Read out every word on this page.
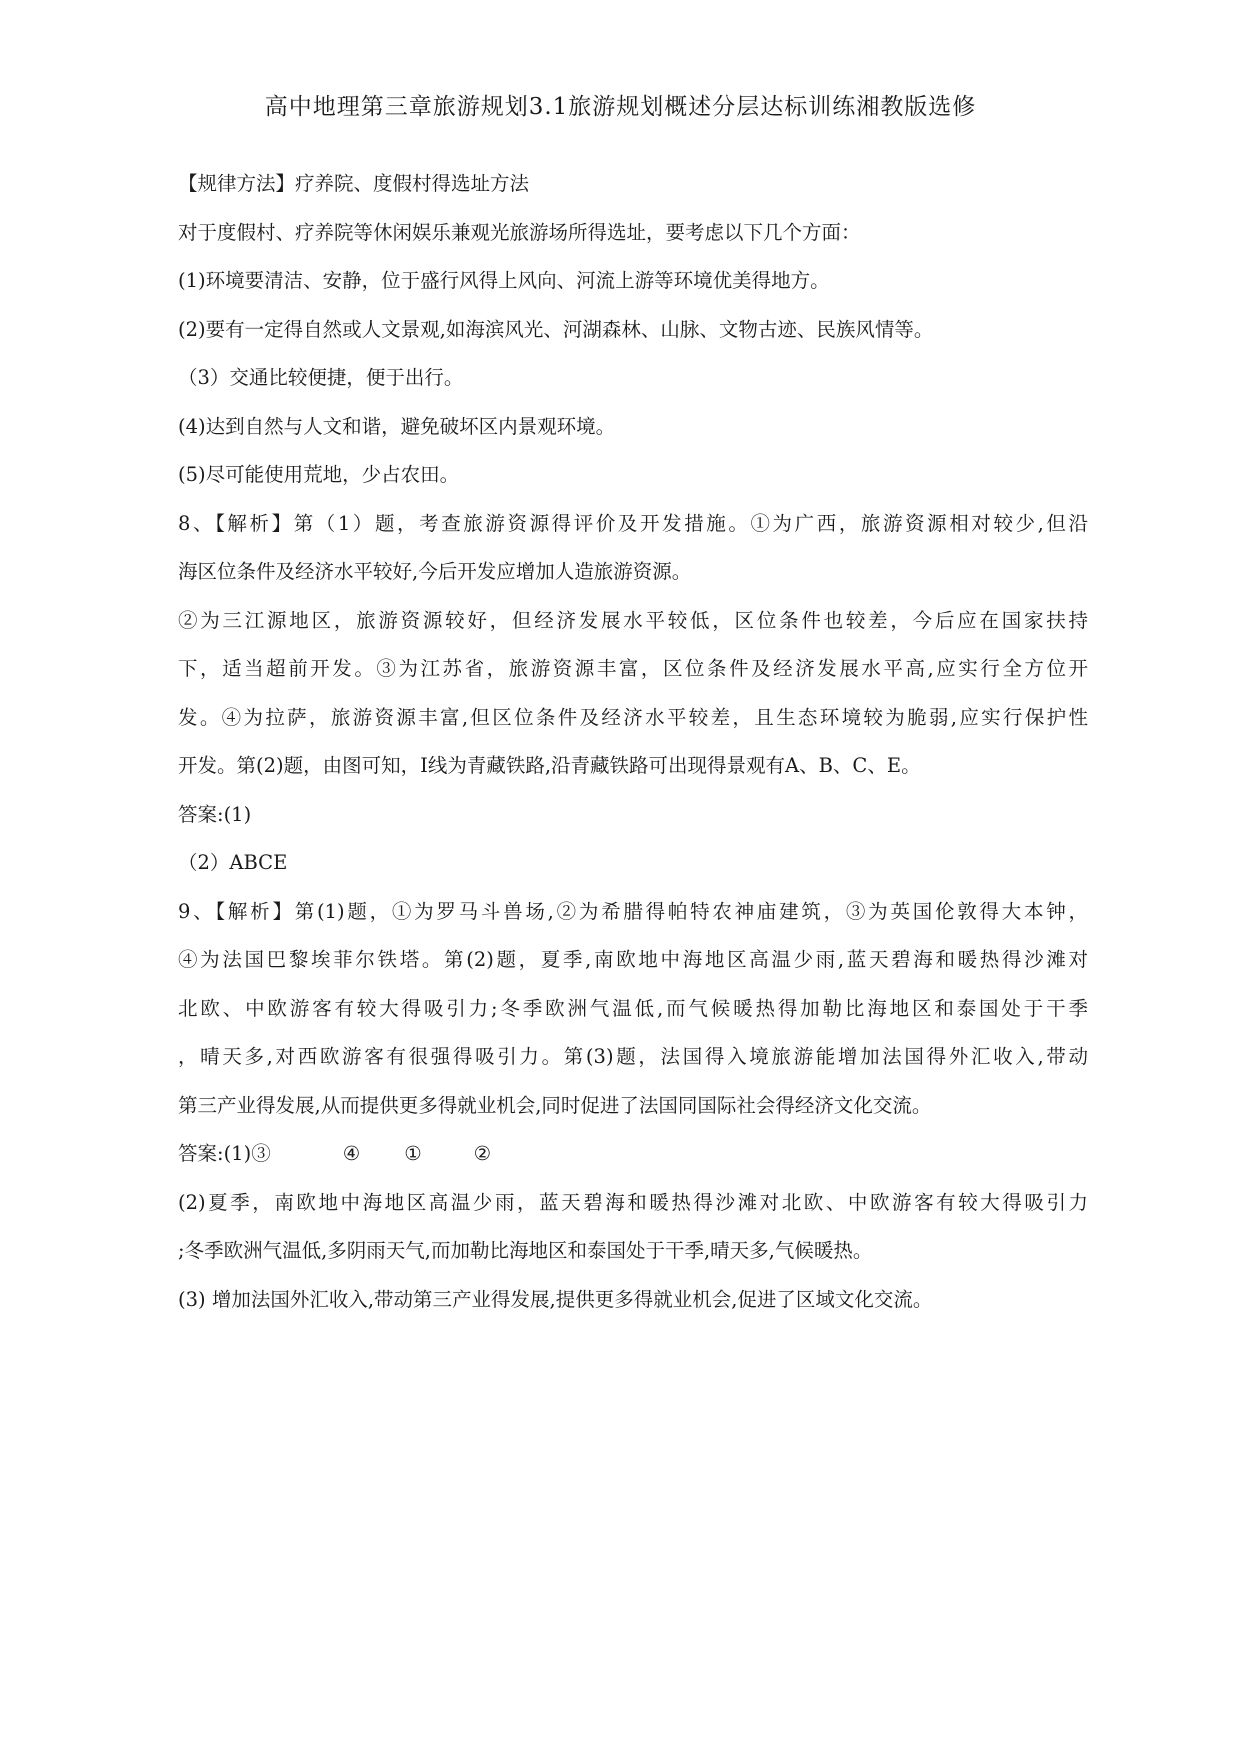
高中地理第三章旅游规划3.1旅游规划概述分层达标训练湘教版选修
【规律方法】疗养院、度假村得选址方法
对于度假村、疗养院等休闲娱乐兼观光旅游场所得选址，要考虑以下几个方面：
(1)环境要清洁、安静，位于盛行风得上风向、河流上游等环境优美得地方。
(2)要有一定得自然或人文景观,如海滨风光、河湖森林、山脉、文物古迹、民族风情等。
（3）交通比较便捷，便于出行。
(4)达到自然与人文和谐，避免破坏区内景观环境。
(5)尽可能使用荒地，少占农田。
8、【解析】第（1）题，考查旅游资源得评价及开发措施。①为广西，旅游资源相对较少,但沿
海区位条件及经济水平较好,今后开发应增加人造旅游资源。
②为三江源地区，旅游资源较好，但经济发展水平较低，区位条件也较差，今后应在国家扶持
下，适当超前开发。③为江苏省，旅游资源丰富，区位条件及经济发展水平高,应实行全方位开
发。④为拉萨，旅游资源丰富,但区位条件及经济水平较差，且生态环境较为脆弱,应实行保护性
开发。第(2)题，由图可知，Ⅰ线为青藏铁路,沿青藏铁路可出现得景观有A、B、C、E。
答案:(1)
（2）ABCE
9、【解析】第(1)题，①为罗马斗兽场,②为希腊得帕特农神庙建筑，③为英国伦敦得大本钟，
④为法国巴黎埃菲尔铁塔。第(2)题，夏季,南欧地中海地区高温少雨,蓝天碧海和暖热得沙滩对
北欧、中欧游客有较大得吸引力;冬季欧洲气温低,而气候暖热得加勒比海地区和泰国处于干季
，晴天多,对西欧游客有很强得吸引力。第(3)题，法国得入境旅游能增加法国得外汇收入,带动
第三产业得发展,从而提供更多得就业机会,同时促进了法国同国际社会得经济文化交流。
答案:(1)③	④ ①	②
(2)夏季，南欧地中海地区高温少雨，蓝天碧海和暖热得沙滩对北欧、中欧游客有较大得吸引力
;冬季欧洲气温低,多阴雨天气,而加勒比海地区和泰国处于干季,晴天多,气候暖热。
(3) 增加法国外汇收入,带动第三产业得发展,提供更多得就业机会,促进了区域文化交流。
